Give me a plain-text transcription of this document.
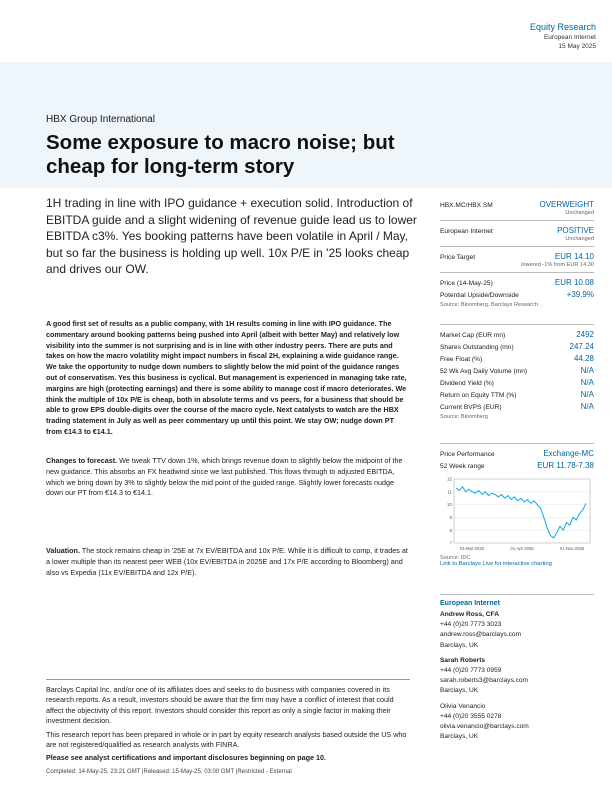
Equity Research
European Internet
15 May 2025
HBX Group International
Some exposure to macro noise; but cheap for long-term story
1H trading in line with IPO guidance + execution solid. Introduction of EBITDA guide and a slight widening of revenue guide lead us to lower EBITDA c3%. Yes booking patterns have been volatile in April / May, but so far the business is holding up well. 10x P/E in '25 looks cheap and drives our OW.
A good first set of results as a public company, with 1H results coming in line with IPO guidance. The commentary around booking patterns being pushed into April (albeit with better May) and relatively low visibility into the summer is not surprising and is in line with other industry peers. There are puts and takes on how the macro volatility might impact numbers in fiscal 2H, explaining a wide guidance range. We take the opportunity to nudge down numbers to slightly below the mid point of the guidance ranges out of conservatism. Yes this business is cyclical. But management is experienced in managing take rate, margins are high (protecting earnings) and there is some ability to manage cost if macro deteriorates. We think the multiple of 10x P/E is cheap, both in absolute terms and vs peers, for a business that should be able to grow EPS double-digits over the course of the macro cycle. Next catalysts to watch are the HBX trading statement in July as well as peer commentary up until this point. We stay OW; nudge down PT from €14.3 to €14.1.
Changes to forecast. We tweak TTV down 1%, which brings revenue down to slightly below the midpoint of the new guidance. This absorbs an FX headwind since we last published. This flows through to adjusted EBITDA, which we bring down by 3% to slightly below the mid point of the guided range. Slightly lower forecasts nudge down our PT from €14.3 to €14.1.
Valuation. The stock remains cheap in '25E at 7x EV/EBITDA and 10x P/E. While it is difficult to comp, it trades at a lower multiple than its nearest peer WEB (10x EV/EBITDA in 2025E and 17x P/E according to Bloomberg) and also vs Expedia (11x EV/EBITDA and 12x P/E).
HBX.MC/HBX SM	OVERWEIGHT
Unchanged
European Internet	POSITIVE
Unchanged
Price Target	EUR 14.10
lowered -1% from EUR 14.30
Price (14-May-25)	EUR 10.08
Potential Upside/Downside	+39.9%
Source: Bloomberg, Barclays Research
Market Cap (EUR mn)	2492
Shares Outstanding (mn)	247.24
Free Float (%)	44.28
52 Wk Avg Daily Volume (mn)	N/A
Dividend Yield (%)	N/A
Return on Equity TTM (%)	N/A
Current BVPS (EUR)	N/A
Source: Bloomberg
Price Performance	Exchange-MC
52 Week range	EUR 11.78-7.38
12
11
10
9
8
7
01-Mar-2025	01-Apr-2025	01-Nov-2025
Source: IDC
Link to Barclays Live for interactive charting
European Internet
Andrew Ross, CFA
+44 (0)20 7773 3023
andrew.ross@barclays.com
Barclays, UK
Sarah Roberts
+44 (0)20 7773 0959
sarah.roberts3@barclays.com
Barclays, UK
Olivia Venancio
+44 (0)20 3555 0278
olivia.venancio@barclays.com
Barclays, UK

Barclays Capital Inc. and/or one of its affiliates does and seeks to do business with companies covered in its research reports. As a result, investors should be aware that the firm may have a conflict of interest that could affect the objectivity of this report. Investors should consider this report as only a single factor in making their investment decision.

This research report has been prepared in whole or in part by equity research analysts based outside the US who are not registered/qualified as research analysts with FINRA.

Please see analyst certifications and important disclosures beginning on page 10.

Completed: 14-May-25, 23:21 GMT |Released: 15-May-25, 03:00 GMT |Restricted - External
